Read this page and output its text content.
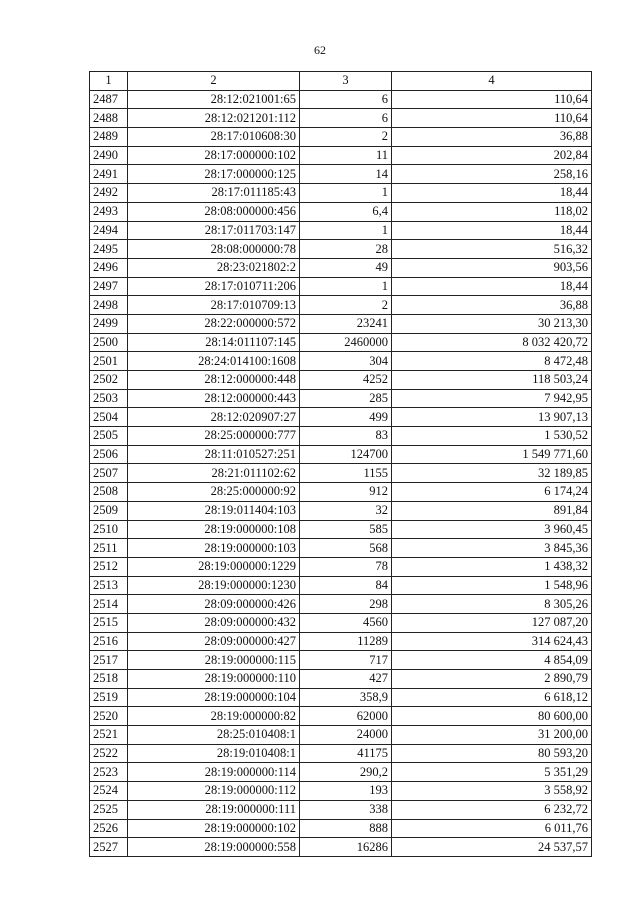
62
1	2	3	4
2487	28:12:021001:65	6	110,64
2488	28:12:021201:112	6	110,64
2489	28:17:010608:30	2	36,88
2490	28:17:000000:102	11	202,84
2491	28:17:000000:125	14	258,16
2492	28:17:011185:43	1	18,44
2493	28:08:000000:456	6,4	118,02
2494	28:17:011703:147	1	18,44
2495	28:08:000000:78	28	516,32
2496	28:23:021802:2	49	903,56
2497	28:17:010711:206	1	18,44
2498	28:17:010709:13	2	36,88
2499	28:22:000000:572	23241	30 213,30
2500	28:14:011107:145	2460000	8 032 420,72
2501	28:24:014100:1608	304	8 472,48
2502	28:12:000000:448	4252	118 503,24
2503	28:12:000000:443	285	7 942,95
2504	28:12:020907:27	499	13 907,13
2505	28:25:000000:777	83	1 530,52
2506	28:11:010527:251	124700	1 549 771,60
2507	28:21:011102:62	1155	32 189,85
2508	28:25:000000:92	912	6 174,24
2509	28:19:011404:103	32	891,84
2510	28:19:000000:108	585	3 960,45
2511	28:19:000000:103	568	3 845,36
2512	28:19:000000:1229	78	1 438,32
2513	28:19:000000:1230	84	1 548,96
2514	28:09:000000:426	298	8 305,26
2515	28:09:000000:432	4560	127 087,20
2516	28:09:000000:427	11289	314 624,43
2517	28:19:000000:115	717	4 854,09
2518	28:19:000000:110	427	2 890,79
2519	28:19:000000:104	358,9	6 618,12
2520	28:19:000000:82	62000	80 600,00
2521	28:25:010408:1	24000	31 200,00
2522	28:19:010408:1	41175	80 593,20
2523	28:19:000000:114	290,2	5 351,29
2524	28:19:000000:112	193	3 558,92
2525	28:19:000000:111	338	6 232,72
2526	28:19:000000:102	888	6 011,76
2527	28:19:000000:558	16286	24 537,57
